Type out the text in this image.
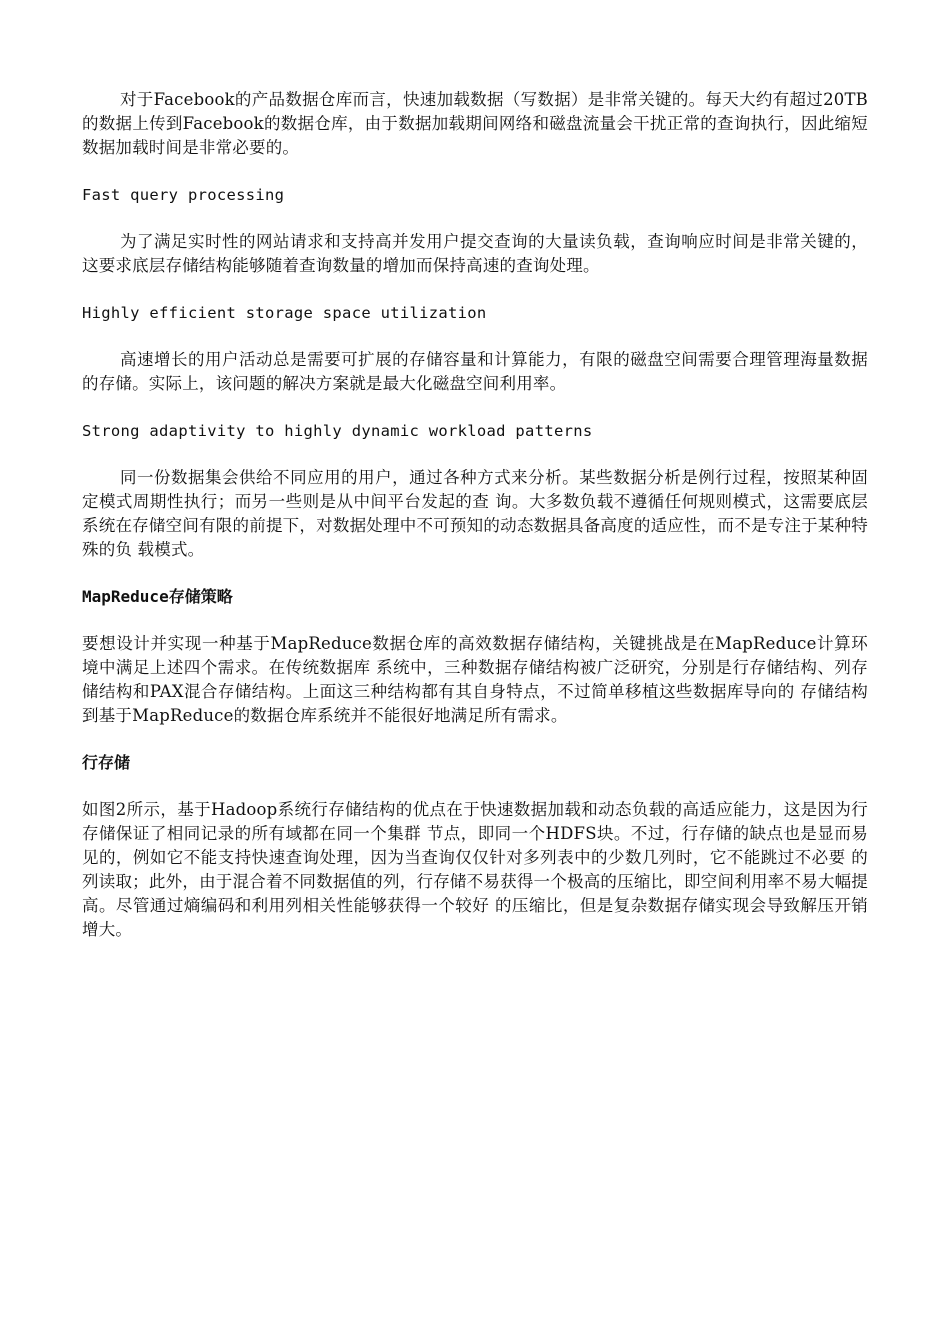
对于Facebook的产品数据仓库而言，快速加载数据（写数据）是非常关键的。每天大约有超过20TB的数据上传到Facebook的数据仓库，由于数据加载期间网络和磁盘流量会干扰正常的查询执行，因此缩短数据加载时间是非常必要的。

Fast query processing

为了满足实时性的网站请求和支持高并发用户提交查询的大量读负载，查询响应时间是非常关键的，这要求底层存储结构能够随着查询数量的增加而保持高速的查询处理。

Highly efficient storage space utilization

高速增长的用户活动总是需要可扩展的存储容量和计算能力，有限的磁盘空间需要合理管理海量数据的存储。实际上，该问题的解决方案就是最大化磁盘空间利用率。

Strong adaptivity to highly dynamic workload patterns

同一份数据集会供给不同应用的用户，通过各种方式来分析。某些数据分析是例行过程，按照某种固定模式周期性执行；而另一些则是从中间平台发起的查 询。大多数负载不遵循任何规则模式，这需要底层系统在存储空间有限的前提下，对数据处理中不可预知的动态数据具备高度的适应性，而不是专注于某种特殊的负 载模式。

MapReduce存储策略

要想设计并实现一种基于MapReduce数据仓库的高效数据存储结构，关键挑战是在MapReduce计算环境中满足上述四个需求。在传统数据库 系统中，三种数据存储结构被广泛研究，分别是行存储结构、列存储结构和PAX混合存储结构。上面这三种结构都有其自身特点，不过简单移植这些数据库导向的 存储结构到基于MapReduce的数据仓库系统并不能很好地满足所有需求。

行存储

如图2所示，基于Hadoop系统行存储结构的优点在于快速数据加载和动态负载的高适应能力，这是因为行存储保证了相同记录的所有域都在同一个集群 节点，即同一个HDFS块。不过，行存储的缺点也是显而易见的，例如它不能支持快速查询处理，因为当查询仅仅针对多列表中的少数几列时，它不能跳过不必要 的列读取；此外，由于混合着不同数据值的列，行存储不易获得一个极高的压缩比，即空间利用率不易大幅提高。尽管通过熵编码和利用列相关性能够获得一个较好 的压缩比，但是复杂数据存储实现会导致解压开销增大。
